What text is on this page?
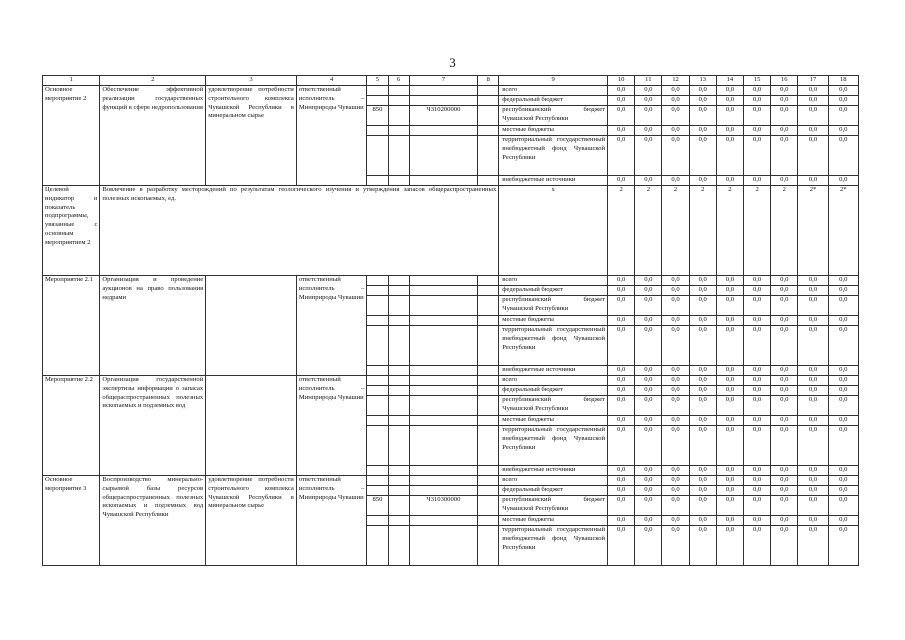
3
1	2	3	4	5	6	7	8	9	10	11	12	13	14	15	16	17	18
Основное мероприятие 2	Обеспечение эффективной реализации государственных функций в сфере недропользования	удовлетворение потребности строительного комплекса Чувашской Республики в минеральном сырье	ответственный исполнитель – Минприроды Чувашии					всего	0,0	0,0	0,0	0,0	0,0	0,0	0,0	0,0	0,0
								федеральный бюджет	0,0	0,0	0,0	0,0	0,0	0,0	0,0	0,0	0,0
				850		Ч310200000		республиканский бюджет Чувашской Республики	0,0	0,0	0,0	0,0	0,0	0,0	0,0	0,0	0,0
								местные бюджеты	0,0	0,0	0,0	0,0	0,0	0,0	0,0	0,0	0,0
								территориальный государственный внебюджетный фонд Чувашской Республики	0,0	0,0	0,0	0,0	0,0	0,0	0,0	0,0	0,0
								внебюджетные источники	0,0	0,0	0,0	0,0	0,0	0,0	0,0	0,0	0,0
Целевой индикатор и показатель подпрограммы, увязанные с основным мероприятием 2	Вовлечение в разработку месторождений по результатам геологического изучения и утверждения запасов общераспространенных полезных ископаемых, ед.							x	2	2	2	2	2	2	2	2*	2*
Мероприятие 2.1	Организация и проведение аукционов на право пользования недрами		ответственный исполнитель – Минприроды Чувашии					всего	0,0	0,0	0,0	0,0	0,0	0,0	0,0	0,0	0,0
								федеральный бюджет	0,0	0,0	0,0	0,0	0,0	0,0	0,0	0,0	0,0
								республиканский бюджет Чувашской Республики	0,0	0,0	0,0	0,0	0,0	0,0	0,0	0,0	0,0
								местные бюджеты	0,0	0,0	0,0	0,0	0,0	0,0	0,0	0,0	0,0
								территориальный государственный внебюджетный фонд Чувашской Республики	0,0	0,0	0,0	0,0	0,0	0,0	0,0	0,0	0,0
								внебюджетные источники	0,0	0,0	0,0	0,0	0,0	0,0	0,0	0,0	0,0
Мероприятие 2.2	Организация государственной экспертизы информации о запасах общераспространенных полезных ископаемых и подземных вод		ответственный исполнитель – Минприроды Чувашии					всего	0,0	0,0	0,0	0,0	0,0	0,0	0,0	0,0	0,0
								федеральный бюджет	0,0	0,0	0,0	0,0	0,0	0,0	0,0	0,0	0,0
								республиканский бюджет Чувашской Республики	0,0	0,0	0,0	0,0	0,0	0,0	0,0	0,0	0,0
								местные бюджеты	0,0	0,0	0,0	0,0	0,0	0,0	0,0	0,0	0,0
								территориальный государственный внебюджетный фонд Чувашской Республики	0,0	0,0	0,0	0,0	0,0	0,0	0,0	0,0	0,0
								внебюджетные источники	0,0	0,0	0,0	0,0	0,0	0,0	0,0	0,0	0,0
Основное мероприятие 3	Воспроизводство минерально-сырьевой базы ресурсов общераспространенных полезных ископаемых и подземных вод Чувашской Республики	удовлетворение потребности строительного комплекса Чувашской Республики в минеральном сырье	ответственный исполнитель – Минприроды Чувашии					всего	0,0	0,0	0,0	0,0	0,0	0,0	0,0	0,0	0,0
								федеральный бюджет	0,0	0,0	0,0	0,0	0,0	0,0	0,0	0,0	0,0
				850		Ч310300000		республиканский бюджет Чувашской Республики	0,0	0,0	0,0	0,0	0,0	0,0	0,0	0,0	0,0
								местные бюджеты	0,0	0,0	0,0	0,0	0,0	0,0	0,0	0,0	0,0
								территориальный государственный внебюджетный фонд Чувашской Республики	0,0	0,0	0,0	0,0	0,0	0,0	0,0	0,0	0,0
